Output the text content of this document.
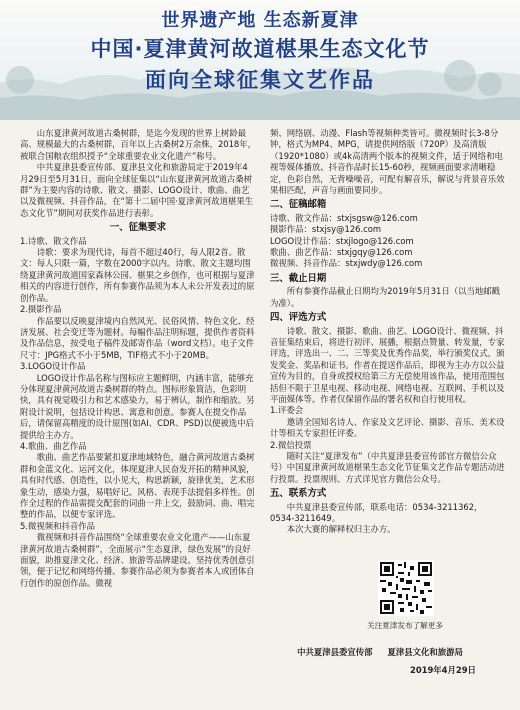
世界遗产地 生态新夏津
中国·夏津黄河故道椹果生态文化节
面向全球征集文艺作品

山东夏津黄河故道古桑树群，是迄今发现的世界上树龄最高、规模最大的古桑树群，百年以上古桑树2万余株，2018年，被联合国粮农组织授予“全球重要农业文化遗产”称号。

中共夏津县委宣传部、夏津县文化和旅游局定于2019年4月29日至5月31日，面向全球征集以“山东夏津黄河故道古桑树群”为主要内容的诗歌、散文、摄影、LOGO设计、歌曲、曲艺以及微视频、抖音作品，在“第十二届中国·夏津黄河故道椹果生态文化节”期间对获奖作品进行表彰。

一、征集要求

1.诗歌、散文作品

诗歌：要求为现代诗，每首不超过40行，每人限2首。散文：每人只限一篇，字数在2000字以内。诗歌、散文主题均围绕夏津黄河故道国家森林公园、椹果之乡创作，也可根据与夏津相关的内容进行创作，所有参赛作品须为本人未公开发表过的原创作品。

2.摄影作品

作品要以反映夏津境内自然风光、民俗风情、特色文化、经济发展、社会变迁等为题材。每幅作品注明标题，提供作者资料及作品信息，按受电子稿件及邮寄作品（word文档）。电子文件尺寸：JPG格式不小于5MB，TIF格式不小于20MB。

3.LOGO设计作品

LOGO设计作品名称与图标应主题鲜明，内涵丰富，能够充分体现夏津黄河故道古桑树群的特点。图标形象简洁，色彩明快，具有视觉吸引力和艺术感染力，易于辨认，制作和缩放。另附设计说明，包括设计构思、寓意和创意。参赛人在提交作品后，请保留高精度的设计原图(如AI、CDR、PSD)以便被选中后提供给主办方。

4.歌曲、曲艺作品

歌曲、曲艺作品要紧扣夏津地域特色，融合黄河故道古桑树群和金蓝文化、运河文化，体现夏津人民奋发开拓的精神风貌，具有时代感、创造性，以小见大，构思新颖，旋律优美，艺术形象生动，感染力强，易唱好记。风格、表现手法提倡多样性。创作全过程的作品需提交配套的词曲一并上交，鼓励词、曲、唱完整的作品，以便专家评选。

5.微视频和抖音作品

微视频和抖音作品围绕“全球重要农业文化遗产——山东夏津黄河故道古桑树群”，全面展示“生态夏津，绿色发展”的良好面貌，助推夏津文化、经济、旅游等品牌建设。坚持优秀创意引领，便于记忆和网络传播。参赛作品必须为参赛者本人或团体自行创作的原创作品。微视

频、网络剧、动漫、Flash等视频种类皆可。微视频时长3-8分钟，格式为MP4、MPG，请提供网络版（720P）及高清版（1920*1080）或4k高清两个版本的视频文件，适于网络和电视等媒体播放。抖音作品时长15-60秒，视频画面要求清晰稳定，色彩自然，无背噪噪音，可配有解音乐，解说与背景音乐效果相匹配，声音与画面要同步。

二、征稿邮箱

诗歌、散文作品：stxjsgsw@126.com

摄影作品：stxjsy@126.com

LOGO设计作品：stxjlogo@126.com

歌曲、曲艺作品：stxjgqy@126.com

微视频、抖音作品：stxjwdy@126.com

三、截止日期

所有参赛作品截止日期均为2019年5月31日（以当地邮戳为准）。

四、评选方式

诗歌、散文、摄影、歌曲、曲艺、LOGO设计、微视频、抖音征集结束后，将进行初评、展播，根据点赞量、转发量，专家评选，评选出一、二、三等奖及优秀作品奖，举行颁奖仪式，颁发奖金、奖品和证书。作者在提送作品后，即视为主办方以公益宣传为目的，自身或授权给第三方无偿使用该作品，使用范围包括但不限于卫星电视、移动电视、网络电视、互联网、手机以及平面媒体等。作者仅保留作品的署名权和自行使用权。

1.评委会

邀请全国知名诗人、作家及文艺评论、摄影、音乐、美术设计等相关专家担任评委。

2.微信投票

随时关注“夏津发布”（中共夏津县委宣传部官方微信公众号）中国夏津黄河故道椹果生态文化节征集文艺作品专题活动进行投票。投票规则、方式详见官方微信公众号。

五、联系方式

中共夏津县委宣传部，联系电话：0534-3211362，0534-3211649。

本次大赛的解释权归主办方。

关注夏津发布了解更多
中共夏津县委宣传部 夏津县文化和旅游局
2019年4月29日
